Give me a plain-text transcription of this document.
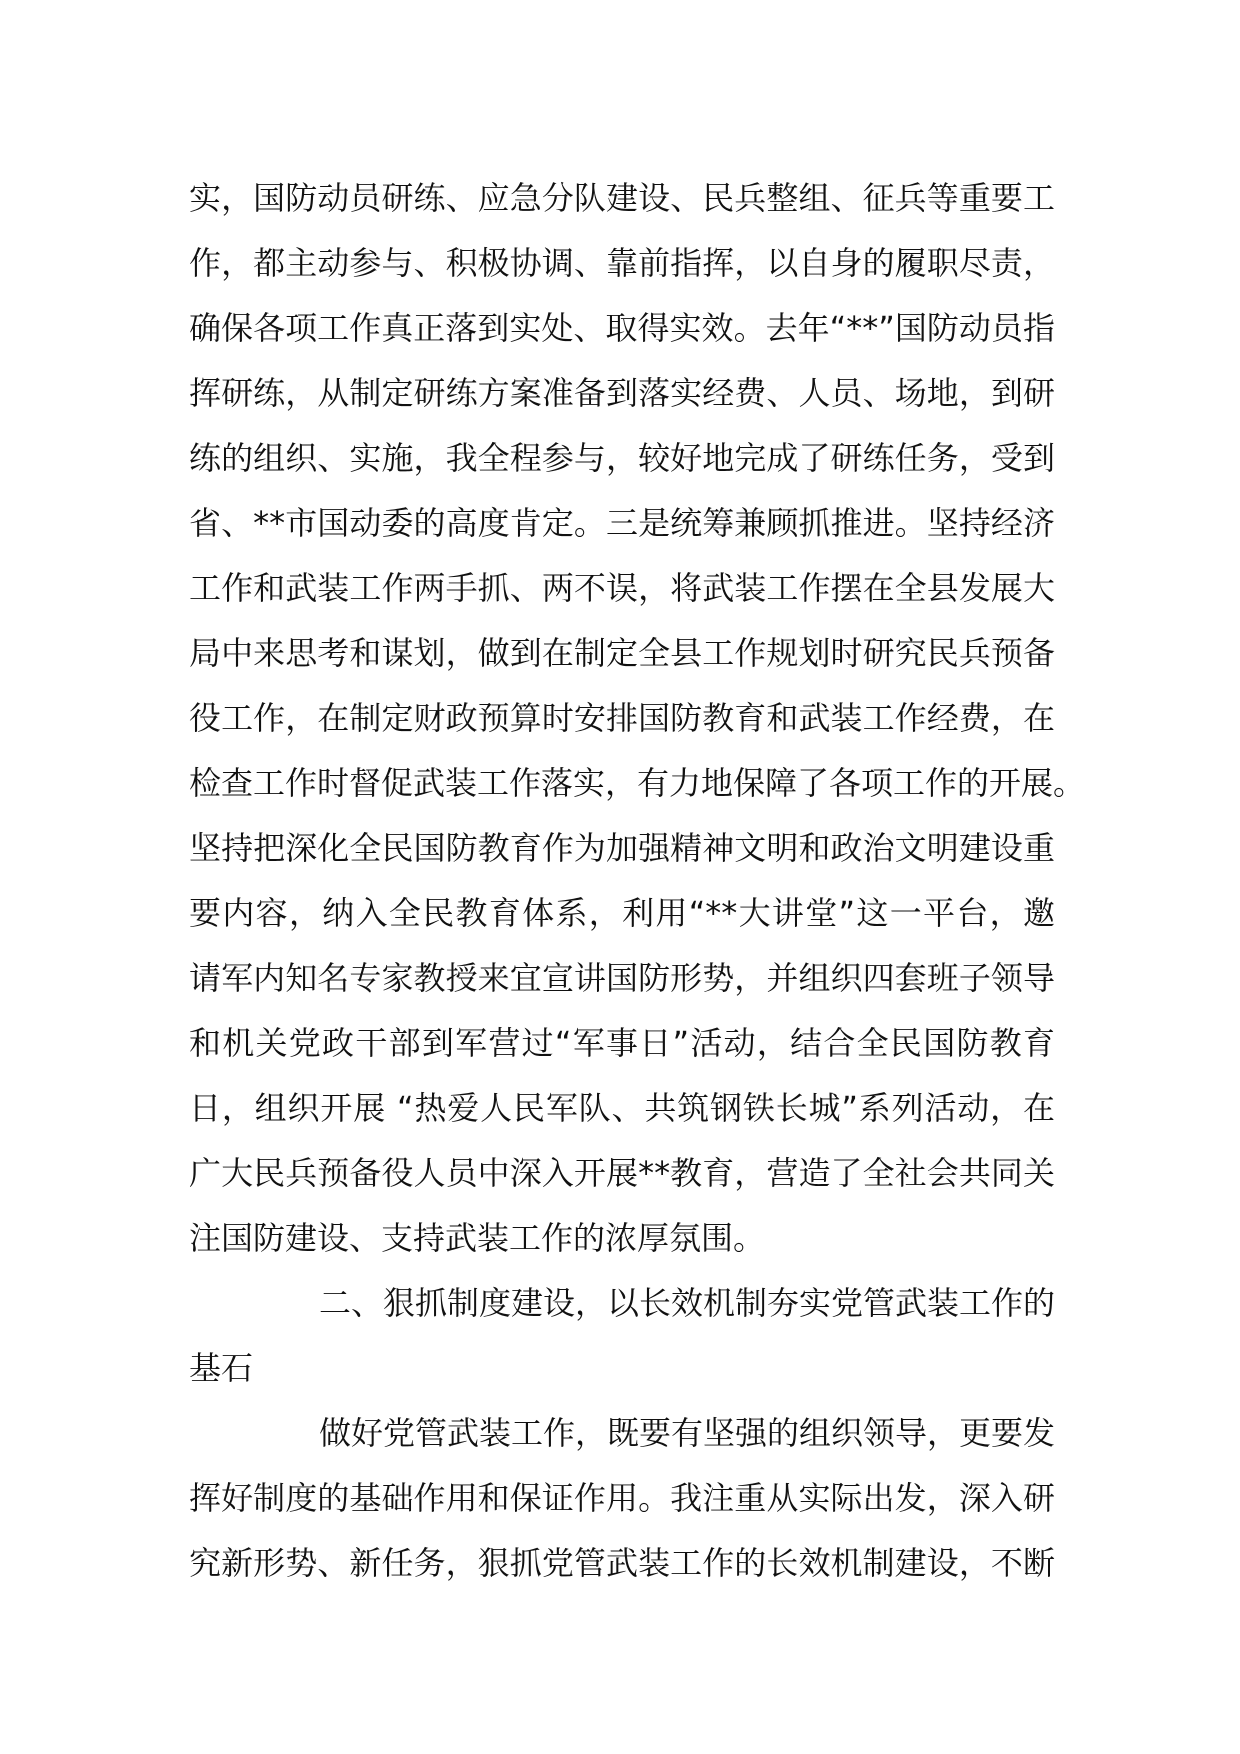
实，国防动员研练、应急分队建设、民兵整组、征兵等重要工
作，都主动参与、积极协调、靠前指挥，以自身的履职尽责，
确保各项工作真正落到实处、取得实效。去年“**”国防动员指
挥研练，从制定研练方案准备到落实经费、人员、场地，到研
练的组织、实施，我全程参与，较好地完成了研练任务，受到
省、**市国动委的高度肯定。三是统筹兼顾抓推进。坚持经济
工作和武装工作两手抓、两不误，将武装工作摆在全县发展大
局中来思考和谋划，做到在制定全县工作规划时研究民兵预备
役工作，在制定财政预算时安排国防教育和武装工作经费，在
检查工作时督促武装工作落实，有力地保障了各项工作的开展。
坚持把深化全民国防教育作为加强精神文明和政治文明建设重
要内容，纳入全民教育体系，利用“**大讲堂”这一平台，邀
请军内知名专家教授来宜宣讲国防形势，并组织四套班子领导
和机关党政干部到军营过“军事日”活动，结合全民国防教育
日，组织开展 “热爱人民军队、共筑钢铁长城”系列活动，在
广大民兵预备役人员中深入开展**教育，营造了全社会共同关
注国防建设、支持武装工作的浓厚氛围。
二、狠抓制度建设，以长效机制夯实党管武装工作的
基石
做好党管武装工作，既要有坚强的组织领导，更要发
挥好制度的基础作用和保证作用。我注重从实际出发，深入研
究新形势、新任务，狠抓党管武装工作的长效机制建设，不断
